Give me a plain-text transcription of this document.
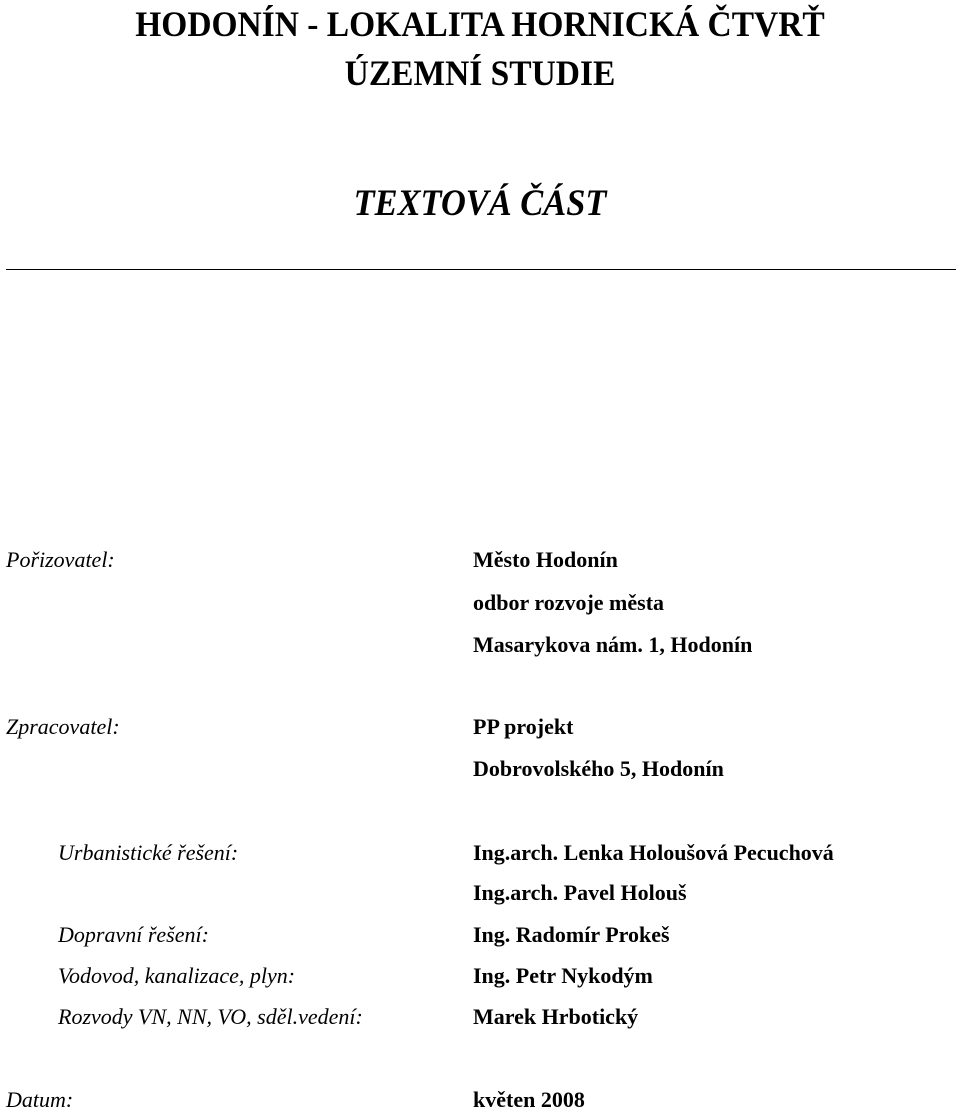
HODONÍN - LOKALITA HORNICKÁ ČTVRŤ
ÚZEMNÍ STUDIE
TEXTOVÁ ČÁST
Pořizovatel:	Město Hodonín
odbor rozvoje města
Masarykova nám. 1, Hodonín
Zpracovatel:	PP projekt
Dobrovolského 5, Hodonín
Urbanistické řešení:	Ing.arch. Lenka Holoušová Pecuchová
Ing.arch. Pavel Holouš
Dopravní řešení:	Ing. Radomír Prokeš
Vodovod, kanalizace, plyn:	Ing. Petr Nykodým
Rozvody VN, NN, VO, sděl.vedení:	Marek Hrbotický
Datum:	květen 2008
